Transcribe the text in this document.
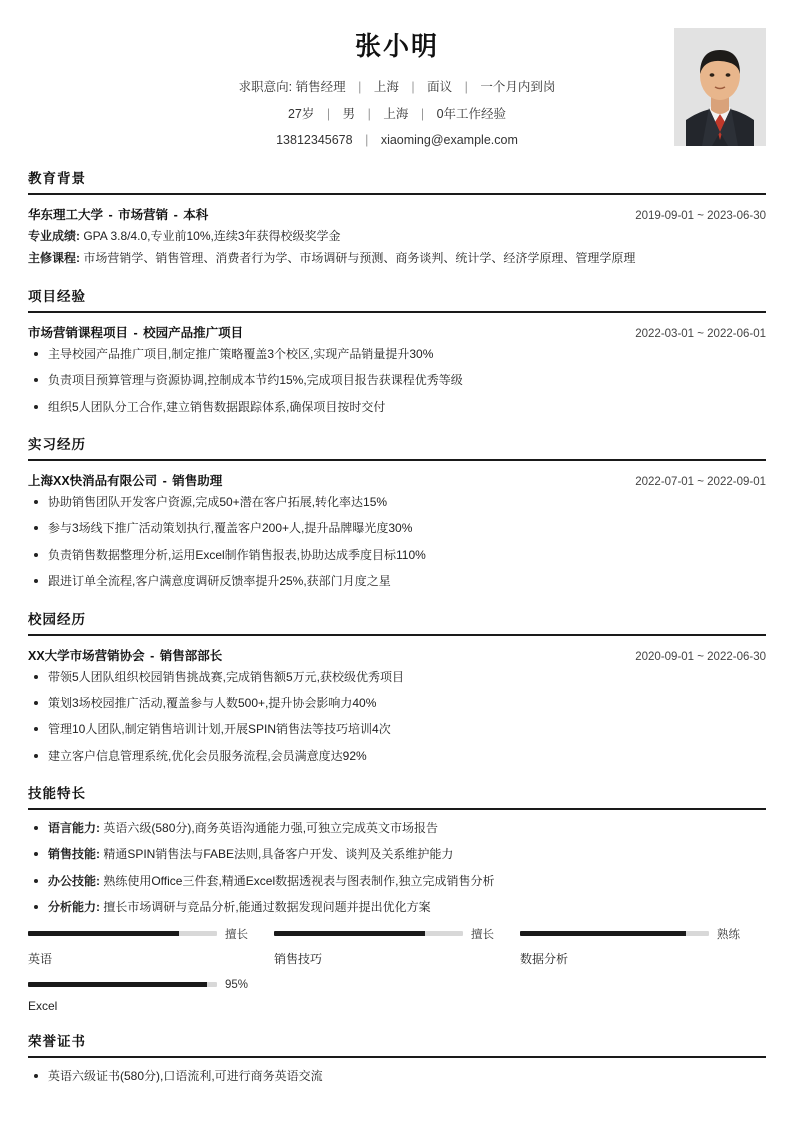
张小明
求职意向: 销售经理 | 上海 | 面议 | 一个月内到岗
27岁 | 男 | 上海 | 0年工作经验
13812345678 | xiaoming@example.com
教育背景
华东理工大学 - 市场营销 - 本科	2019-09-01 ~ 2023-06-30
专业成绩: GPA 3.8/4.0,专业前10%,连续3年获得校级奖学金
主修课程: 市场营销学、销售管理、消费者行为学、市场调研与预测、商务谈判、统计学、经济学原理、管理学原理
项目经验
市场营销课程项目 - 校园产品推广项目	2022-03-01 ~ 2022-06-01
主导校园产品推广项目,制定推广策略覆盖3个校区,实现产品销量提升30%
负责项目预算管理与资源协调,控制成本节约15%,完成项目报告获课程优秀等级
组织5人团队分工合作,建立销售数据跟踪体系,确保项目按时交付
实习经历
上海XX快消品有限公司 - 销售助理	2022-07-01 ~ 2022-09-01
协助销售团队开发客户资源,完成50+潜在客户拓展,转化率达15%
参与3场线下推广活动策划执行,覆盖客户200+人,提升品牌曝光度30%
负责销售数据整理分析,运用Excel制作销售报表,协助达成季度目标110%
跟进订单全流程,客户满意度调研反馈率提升25%,获部门月度之星
校园经历
XX大学市场营销协会 - 销售部部长	2020-09-01 ~ 2022-06-30
带领5人团队组织校园销售挑战赛,完成销售额5万元,获校级优秀项目
策划3场校园推广活动,覆盖参与人数500+,提升协会影响力40%
管理10人团队,制定销售培训计划,开展SPIN销售法等技巧培训4次
建立客户信息管理系统,优化会员服务流程,会员满意度达92%
技能特长
语言能力: 英语六级(580分),商务英语沟通能力强,可独立完成英文市场报告
销售技能: 精通SPIN销售法与FABE法则,具备客户开发、谈判及关系维护能力
办公技能: 熟练使用Office三件套,精通Excel数据透视表与图表制作,独立完成销售分析
分析能力: 擅长市场调研与竞品分析,能通过数据发现问题并提出优化方案
擅长
英语
擅长
销售技巧
熟练
数据分析
95%
Excel
荣誉证书
英语六级证书(580分),口语流利,可进行商务英语交流
